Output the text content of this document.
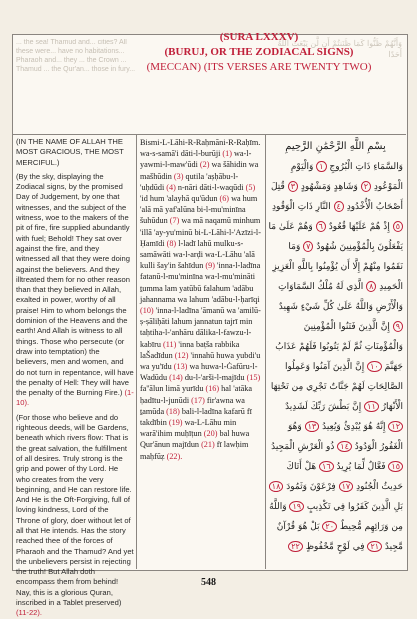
... the sea! Thamud and... cities? All these were... have no habitations... Pharaoh and... they ... the Crown ... Thamud ... the Qur'an... those in fury...
وَأَنَّهُمْ ظَنُّوا كَمَا ظَنَنتُمْ أَن لَّن يَبْعَثَ اللَّهُ أَحَدًا
(SURA LXXXV)
(BURUJ, OR THE ZODIACAL SIGNS)
(MECCAN) (ITS VERSES ARE TWENTY TWO)

(IN THE NAME OF ALLAH THE MOST GRACIOUS, THE MOST MERCIFUL.)

(By the sky, displaying the Zodiacal signs, by the promised Day of Judgement, by one that witnesses, and the subject of the witness, woe to the makers of the pit of fire, fire supplied abundantly with fuel; Behold! They sat over against the fire, and they witnessed all that they were doing against the believers. And they illtreated them for no other reason than that they believed in Allah, exalted in power, worthy of all praise! Him to whom belongs the dominion of the Heavens and the earth! And Allah is witness to all things. Those who persecute (or draw into temptation) the believers, men and women, and do not turn in repentance, will have the penalty of Hell: They will have the penalty of the Burning Fire.) (1-10).

(For those who believe and do righteous deeds, will be Gardens, beneath which rivers flow: That is the great salvation, the fulfillment of all desires. Truly strong is the grip and power of thy Lord. He who creates from the very beginning, and He can restore life. And He is the Oft-Forgiving, full of loving kindness, Lord of the Throne of glory, doer without let of all that He intends. Has the story reached thee of the forces of Pharaoh and the Thamud? And yet the unbelievers persist in rejecting the truth! But Allah doth encompass them from behind! Nay, this is a glorious Quran, inscribed in a Tablet preserved) (11-22).

Bismi-L-Lāhi-R-Raḥmāni-R-Raḥīm.
wa-s-samā'i dāti-l-burūji (1) wa-l-yawmi-l-maw'ūdi (2) wa šāhidin wa mašhūdin (3) qutila 'aṣḥābu-l-'uḥdūdi (4) n-nāri dāti-l-waqūdi (5) 'id hum 'alayhā qu'ūdun (6) wa hum 'alā mā yaf'alūna bi-l-mu'minīna šuhūdun (7) wa mā naqamū minhum 'illā 'ay-yu'minū bi-L-Lāhi-l-'Azīzi-l-Ḥamīdi (8) l-ladī lahū mulku-s-samāwāti wa-l-arḍi wa-L-Lāhu 'alā kulli šay'in šahīdun (9) 'inna-l-ladīna fatanū-l-mu'minīna wa-l-mu'mināti ṯumma lam yatūbū falahum 'adābu jahannama wa lahum 'adābu-l-ḥarīqi (10) 'inna-l-ladīna 'āmanū wa 'amilū-ṣ-ṣāliḥāti lahum jannatun tajrī min taḥtiha-l-'anhāru dālika-l-fawzu-l-kabīru (11) 'inna baṭša rabbika laŠadīdun (12) 'innahū huwa yubdi'u wa yu'īdu (13) wa huwa-l-Ġafūru-l-Wadūdu (14) du-l-'arši-l-majīdu (15) fa''ālun limā yurīdu (16) hal 'atāka ḥadītu-l-junūdi (17) fir'awna wa ṯamūda (18) bali-l-ladīna kafarū fī takdībin (19) wa-L-Lāhu min warā'ihim muḥīṭun (20) bal huwa Qur'ānun majīdun (21) fī lawḥim maḥfūẓ (22).
بِسْمِ اللَّهِ الرَّحْمَٰنِ الرَّحِيمِ
وَالسَّمَاءِ ذَاتِ الْبُرُوجِ ١ وَالْيَوْمِ الْمَوْعُودِ ٢ وَشَاهِدٍ وَمَشْهُودٍ ٣ قُتِلَ أَصْحَابُ الْأُخْدُودِ ٤ النَّارِ ذَاتِ الْوَقُودِ ٥ إِذْ هُمْ عَلَيْهَا قُعُودٌ ٦ وَهُمْ عَلَىٰ مَا يَفْعَلُونَ بِالْمُؤْمِنِينَ شُهُودٌ ٧ وَمَا نَقَمُوا مِنْهُمْ إِلَّا أَن يُؤْمِنُوا بِاللَّهِ الْعَزِيزِ الْحَمِيدِ ٨ الَّذِي لَهُ مُلْكُ السَّمَاوَاتِ وَالْأَرْضِ وَاللَّهُ عَلَىٰ كُلِّ شَيْءٍ شَهِيدٌ ٩ إِنَّ الَّذِينَ فَتَنُوا الْمُؤْمِنِينَ وَالْمُؤْمِنَاتِ ثُمَّ لَمْ يَتُوبُوا فَلَهُمْ عَذَابُ جَهَنَّمَ ١٠ إِنَّ الَّذِينَ آمَنُوا وَعَمِلُوا الصَّالِحَاتِ لَهُمْ جَنَّاتٌ تَجْرِي مِن تَحْتِهَا الْأَنْهَارُ ١١ إِنَّ بَطْشَ رَبِّكَ لَشَدِيدٌ ١٢ إِنَّهُ هُوَ يُبْدِئُ وَيُعِيدُ ١٣ وَهُوَ الْغَفُورُ الْوَدُودُ ١٤ ذُو الْعَرْشِ الْمَجِيدُ ١٥ فَعَّالٌ لِّمَا يُرِيدُ ١٦ هَلْ أَتَاكَ حَدِيثُ الْجُنُودِ ١٧ فِرْعَوْنَ وَثَمُودَ ١٨ بَلِ الَّذِينَ كَفَرُوا فِي تَكْذِيبٍ ١٩ وَاللَّهُ مِن وَرَائِهِم مُّحِيطٌ ٢٠ بَلْ هُوَ قُرْآنٌ مَّجِيدٌ ٢١ فِي لَوْحٍ مَّحْفُوظٍ ٢٢
548
